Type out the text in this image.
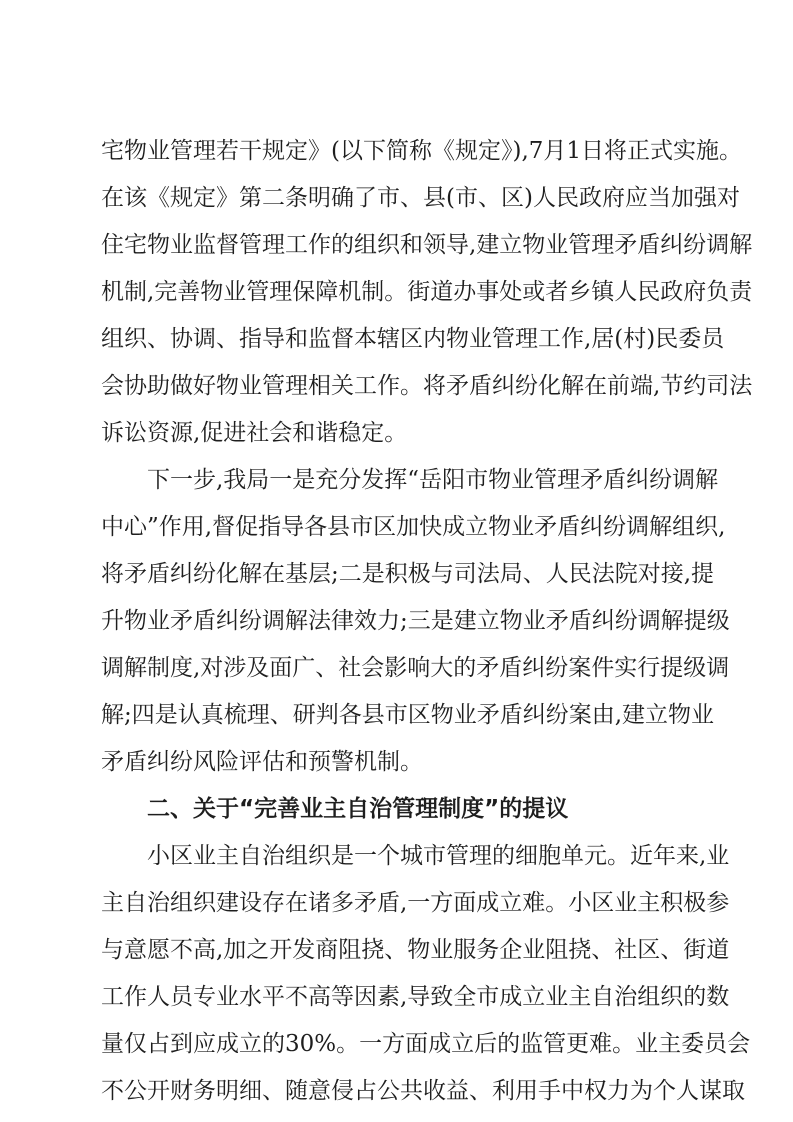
宅物业管理若干规定》(以下简称《规定》),7月1日将正式实施。
在该《规定》第二条明确了市、县(市、区)人民政府应当加强对
住宅物业监督管理工作的组织和领导,建立物业管理矛盾纠纷调解
机制,完善物业管理保障机制。街道办事处或者乡镇人民政府负责
组织、协调、指导和监督本辖区内物业管理工作,居(村)民委员
会协助做好物业管理相关工作。将矛盾纠纷化解在前端,节约司法
诉讼资源,促进社会和谐稳定。
下一步,我局一是充分发挥“岳阳市物业管理矛盾纠纷调解
中心”作用,督促指导各县市区加快成立物业矛盾纠纷调解组织,
将矛盾纠纷化解在基层;二是积极与司法局、人民法院对接,提
升物业矛盾纠纷调解法律效力;三是建立物业矛盾纠纷调解提级
调解制度,对涉及面广、社会影响大的矛盾纠纷案件实行提级调
解;四是认真梳理、研判各县市区物业矛盾纠纷案由,建立物业
矛盾纠纷风险评估和预警机制。
二、关于“完善业主自治管理制度”的提议
小区业主自治组织是一个城市管理的细胞单元。近年来,业
主自治组织建设存在诸多矛盾,一方面成立难。小区业主积极参
与意愿不高,加之开发商阻挠、物业服务企业阻挠、社区、街道
工作人员专业水平不高等因素,导致全市成立业主自治组织的数
量仅占到应成立的30%。一方面成立后的监管更难。业主委员会
不公开财务明细、随意侵占公共收益、利用手中权力为个人谋取
